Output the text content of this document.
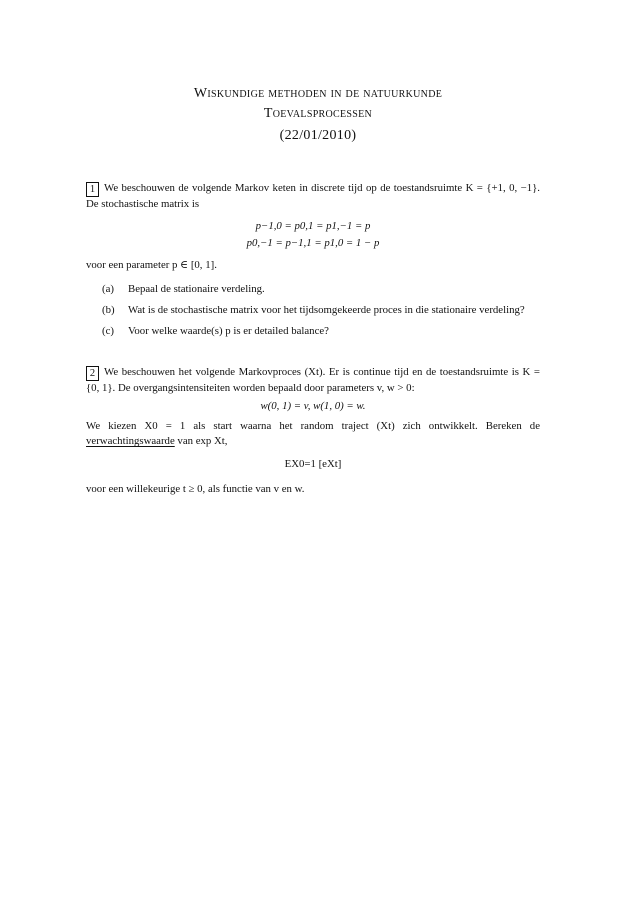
Wiskundige methoden in de natuurkunde
Toevalsprocessen
(22/01/2010)
1 We beschouwen de volgende Markov keten in discrete tijd op de toestandsruimte K = {+1, 0, −1}. De stochastische matrix is
p−1,0 = p0,1 = p1,−1 = p
p0,−1 = p−1,1 = p1,0 = 1 − p
voor een parameter p ∈ [0, 1].
(a) Bepaal de stationaire verdeling.
(b) Wat is de stochastische matrix voor het tijdsomgekeerde proces in die stationaire verdeling?
(c) Voor welke waarde(s) p is er detailed balance?
2 We beschouwen het volgende Markovproces (Xt). Er is continue tijd en de toestandsruimte is K = {0, 1}. De overgangsintensiteiten worden bepaald door parameters v, w > 0:
w(0, 1) = v, w(1, 0) = w.
We kiezen X0 = 1 als start waarna het random traject (Xt) zich ontwikkelt. Bereken de verwachtingswaarde van exp Xt,
EX0=1 [eXt]
voor een willekeurige t ≥ 0, als functie van v en w.
